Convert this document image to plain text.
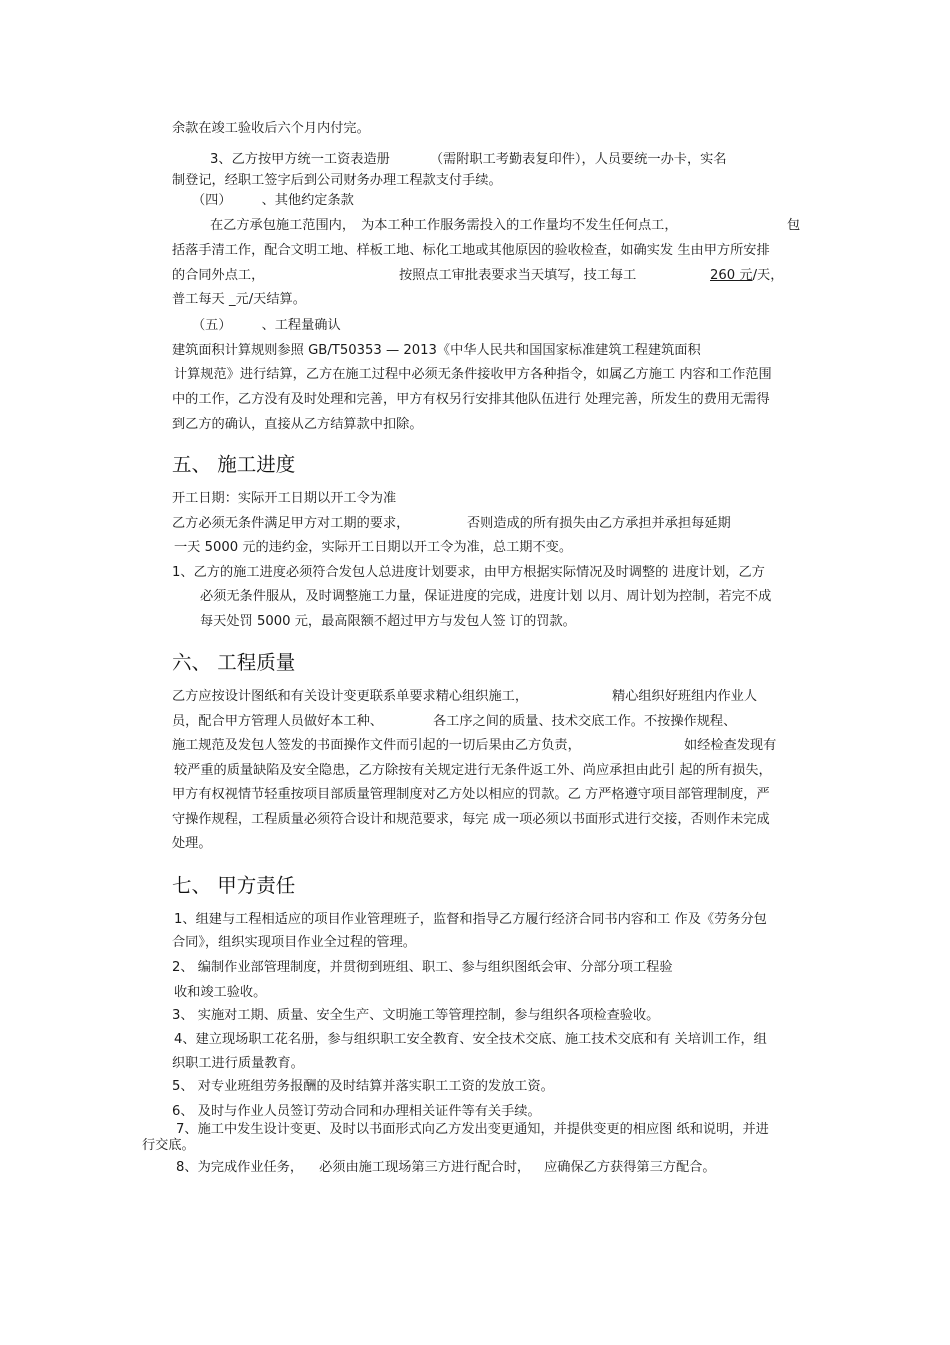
余款在竣工验收后六个月内付完。
3、乙方按甲方统一工资表造册	（需附职工考勤表复印件），人员要统一办卡，实名
制登记，经职工签字后到公司财务办理工程款支付手续。
（四） 、其他约定条款
在乙方承包施工范围内， 为本工种工作服务需投入的工作量均不发生任何点工，	包
括落手清工作，配合文明工地、样板工地、标化工地或其他原因的验收检查，如确实发 生由甲方所安排
的合同外点工，	按照点工审批表要求当天填写，技工每工	260 元/天，
普工每天 _元/天结算。
（五） 、工程量确认
建筑面积计算规则参照 GB/T50353 — 2013《中华人民共和国国家标准建筑工程建筑面积
计算规范》进行结算，乙方在施工过程中必须无条件接收甲方各种指令，如属乙方施工 内容和工作范围
中的工作，乙方没有及时处理和完善，甲方有权另行安排其他队伍进行 处理完善，所发生的费用无需得
到乙方的确认，直接从乙方结算款中扣除。
五、 施工进度
开工日期：实际开工日期以开工令为准
乙方必须无条件满足甲方对工期的要求，	否则造成的所有损失由乙方承担并承担每延期
一天 5000 元的违约金，实际开工日期以开工令为准，总工期不变。
1、乙方的施工进度必须符合发包人总进度计划要求，由甲方根据实际情况及时调整的 进度计划，乙方
必须无条件服从，及时调整施工力量，保证进度的完成，进度计划 以月、周计划为控制，若完不成
每天处罚 5000 元，最高限额不超过甲方与发包人签 订的罚款。
六、 工程质量
乙方应按设计图纸和有关设计变更联系单要求精心组织施工，	精心组织好班组内作业人
员，配合甲方管理人员做好本工种、	各工序之间的质量、技术交底工作。不按操作规程、
施工规范及发包人签发的书面操作文件而引起的一切后果由乙方负责，	如经检查发现有
较严重的质量缺陷及安全隐患，乙方除按有关规定进行无条件返工外、尚应承担由此引 起的所有损失，
甲方有权视情节轻重按项目部质量管理制度对乙方处以相应的罚款。乙 方严格遵守项目部管理制度，严
守操作规程，工程质量必须符合设计和规范要求，每完 成一项必须以书面形式进行交接，否则作未完成
处理。
七、 甲方责任
1、组建与工程相适应的项目作业管理班子，监督和指导乙方履行经济合同书内容和工 作及《劳务分包
合同》，组织实现项目作业全过程的管理。
2、 编制作业部管理制度，并贯彻到班组、职工、参与组织图纸会审、分部分项工程验
收和竣工验收。
3、 实施对工期、质量、安全生产、文明施工等管理控制，参与组织各项检查验收。
4、建立现场职工花名册，参与组织职工安全教育、安全技术交底、施工技术交底和有 关培训工作，组
织职工进行质量教育。
5、 对专业班组劳务报酬的及时结算并落实职工工资的发放工资。
6、 及时与作业人员签订劳动合同和办理相关证件等有关手续。
7、施工中发生设计变更、及时以书面形式向乙方发出变更通知，并提供变更的相应图 纸和说明，并进
行交底。
8、为完成作业任务， 必须由施工现场第三方进行配合时， 应确保乙方获得第三方配合。
